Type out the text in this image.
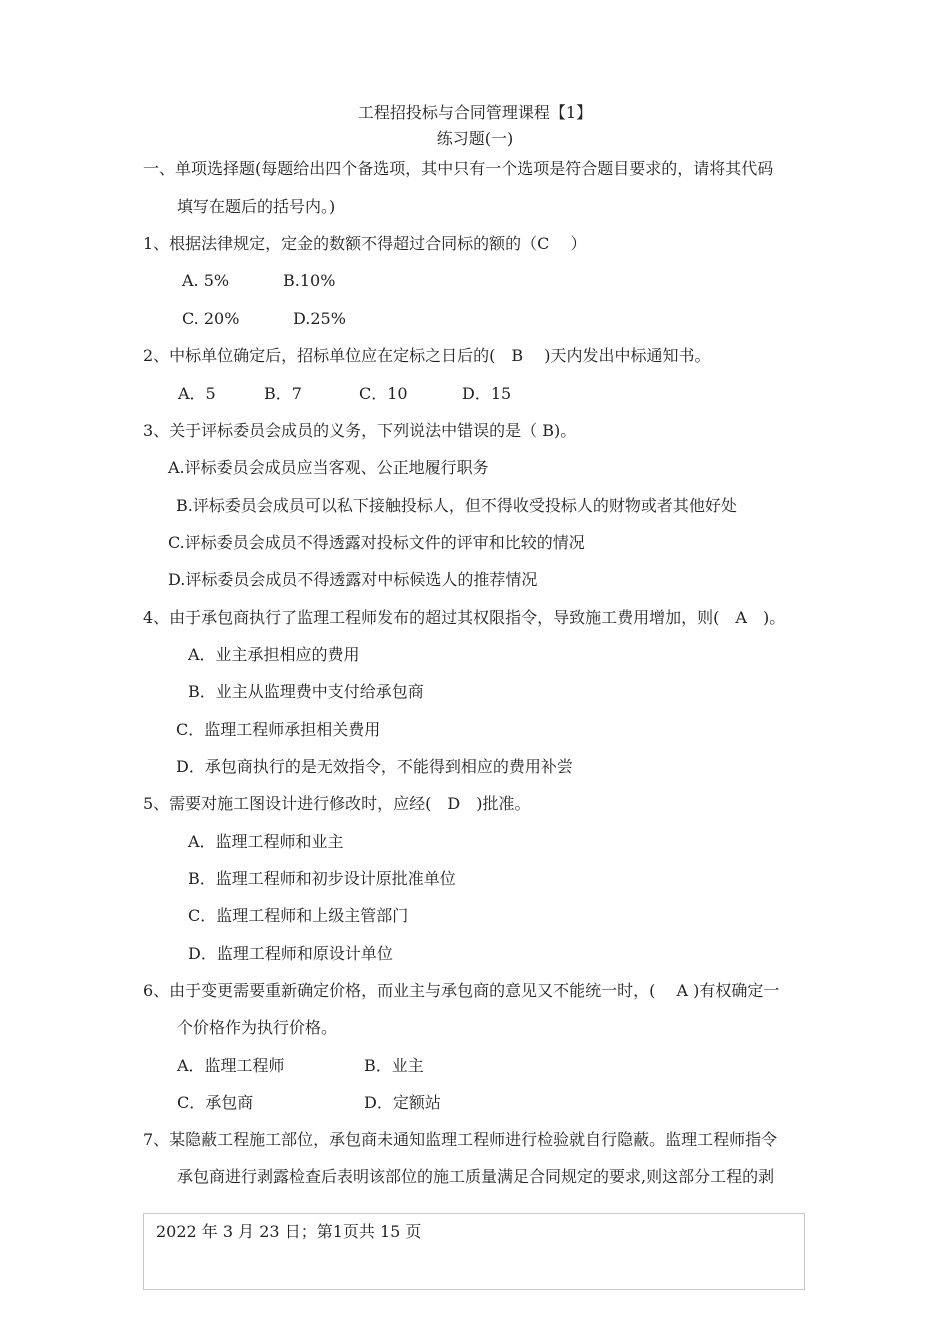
工程招投标与合同管理课程【1】
练习题(一)
一、单项选择题(每题给出四个备选项，其中只有一个选项是符合题目要求的，请将其代码
填写在题后的括号内。)
1、根据法律规定，定金的数额不得超过合同标的额的（C　 ）
A. 5%	B.10%
C. 20%	D.25%
2、中标单位确定后，招标单位应在定标之日后的(　B　 )天内发出中标通知书。
A．5	B．7	C．10	D．15
3、关于评标委员会成员的义务，下列说法中错误的是（ B)。
A.评标委员会成员应当客观、公正地履行职务
B.评标委员会成员可以私下接触投标人，但不得收受投标人的财物或者其他好处
C.评标委员会成员不得透露对投标文件的评审和比较的情况
D.评标委员会成员不得透露对中标候选人的推荐情况
4、由于承包商执行了监理工程师发布的超过其权限指令，导致施工费用增加，则(　A　)。
A．业主承担相应的费用
B．业主从监理费中支付给承包商
C．监理工程师承担相关费用
D．承包商执行的是无效指令，不能得到相应的费用补尝
5、需要对施工图设计进行修改时，应经(　D　)批准。
A．监理工程师和业主
B．监理工程师和初步设计原批准单位
C．监理工程师和上级主管部门
D．监理工程师和原设计单位
6、由于变更需要重新确定价格，而业主与承包商的意见又不能统一时，(　 A )有权确定一
个价格作为执行价格。
A．监理工程师	B．业主
C．承包商	D．定额站
7、某隐蔽工程施工部位，承包商未通知监理工程师进行检验就自行隐蔽。监理工程师指令
承包商进行剥露检查后表明该部位的施工质量满足合同规定的要求,则这部分工程的剥
2022 年 3 月 23 日；第1页共 15 页
